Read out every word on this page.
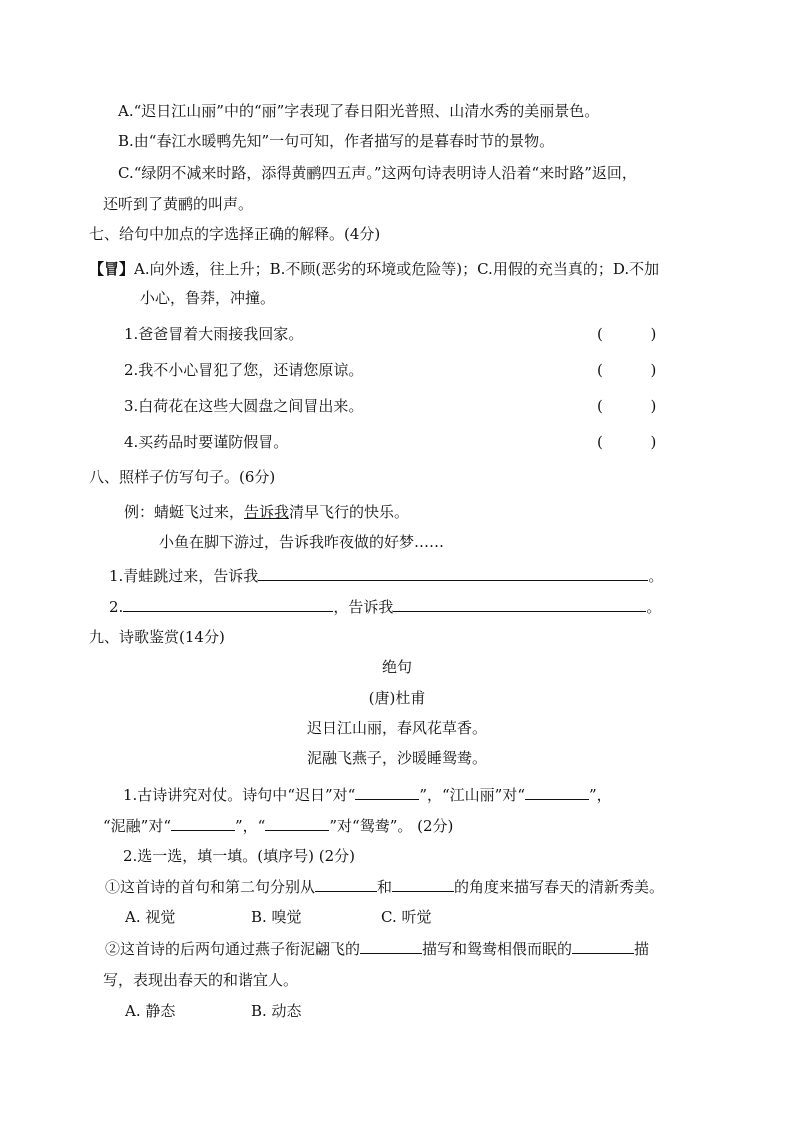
A.“迟日江山丽”中的“丽”字表现了春日阳光普照、山清水秀的美丽景色。
B.由“春江水暖鸭先知”一句可知，作者描写的是暮春时节的景物。
C.“绿阴不减来时路，添得黄鹂四五声。”这两句诗表明诗人沿着“来时路”返回，
还听到了黄鹂的叫声。
七、给句中加点的字选择正确的解释。(4分)
【冒】A.向外透，往上升；B.不顾(恶劣的环境或危险等)；C.用假的充当真的；D.不加
小心，鲁莽，冲撞。
1.爸爸冒着大雨接我回家。	(          )
2.我不小心冒犯了您，还请您原谅。	(          )
3.白荷花在这些大圆盘之间冒出来。	(          )
4.买药品时要谨防假冒。	(          )
八、照样子仿写句子。(6分)
例：蜻蜓飞过来，告诉我清早飞行的快乐。
小鱼在脚下游过，告诉我昨夜做的好梦……
1.青蛙跳过来，告诉我	。
2.	，告诉我	。
九、诗歌鉴赏(14分)
绝句
(唐)杜甫
迟日江山丽，春风花草香。
泥融飞燕子，沙暖睡鸳鸯。
1.古诗讲究对仗。诗句中“迟日”对“	”，“江山丽”对“	”，
“泥融”对“	”，“	”对“鸳鸯”。 (2分)
2.选一选，填一填。(填序号) (2分)
①这首诗的首句和第二句分别从	和	的角度来描写春天的清新秀美。
A. 视觉	B. 嗅觉	C. 听觉
②这首诗的后两句通过燕子衔泥翩飞的	描写和鸳鸯相偎而眠的	描
写，表现出春天的和谐宜人。
A. 静态	B. 动态
